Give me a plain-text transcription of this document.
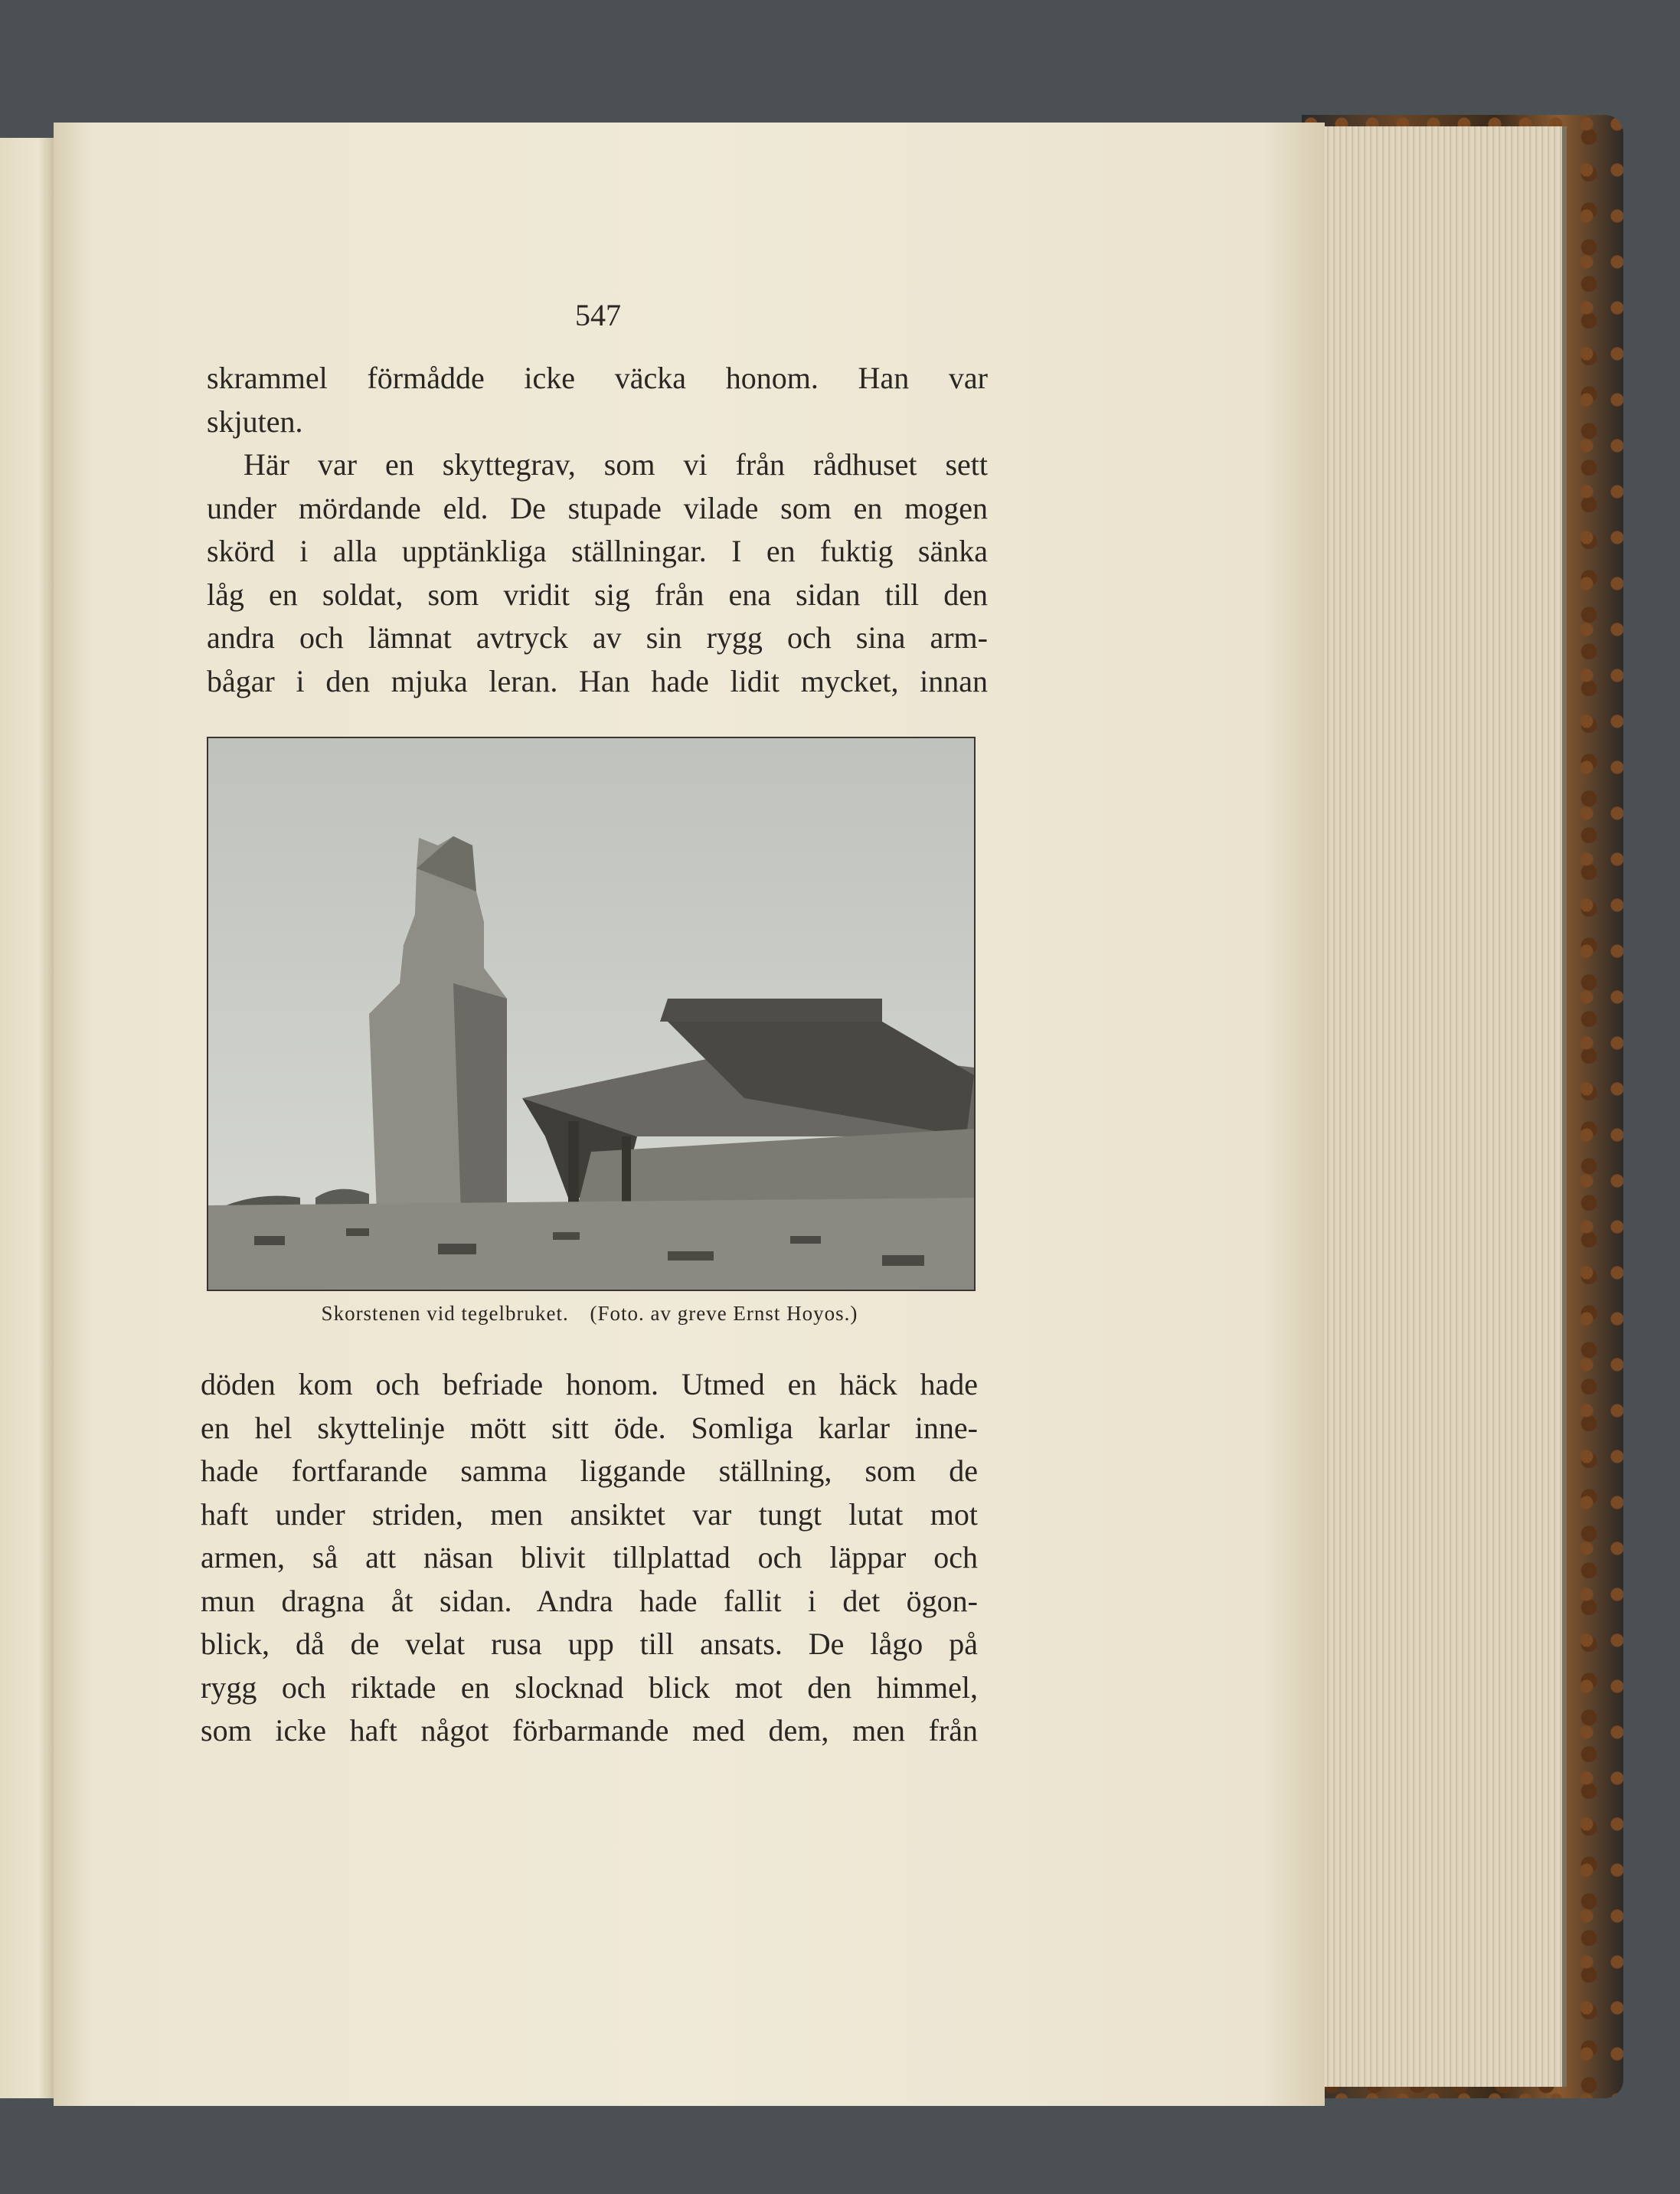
547
skrammel förmådde icke väcka honom. Han var
skjuten.
Här var en skyttegrav, som vi från rådhuset sett
under mördande eld. De stupade vilade som en mogen
skörd i alla upptänkliga ställningar. I en fuktig sänka
låg en soldat, som vridit sig från ena sidan till den
andra och lämnat avtryck av sin rygg och sina arm-
bågar i den mjuka leran. Han hade lidit mycket, innan
Skorstenen vid tegelbruket. (Foto. av greve Ernst Hoyos.)
döden kom och befriade honom. Utmed en häck hade
en hel skyttelinje mött sitt öde. Somliga karlar inne-
hade fortfarande samma liggande ställning, som de
haft under striden, men ansiktet var tungt lutat mot
armen, så att näsan blivit tillplattad och läppar och
mun dragna åt sidan. Andra hade fallit i det ögon-
blick, då de velat rusa upp till ansats. De lågo på
rygg och riktade en slocknad blick mot den himmel,
som icke haft något förbarmande med dem, men från
